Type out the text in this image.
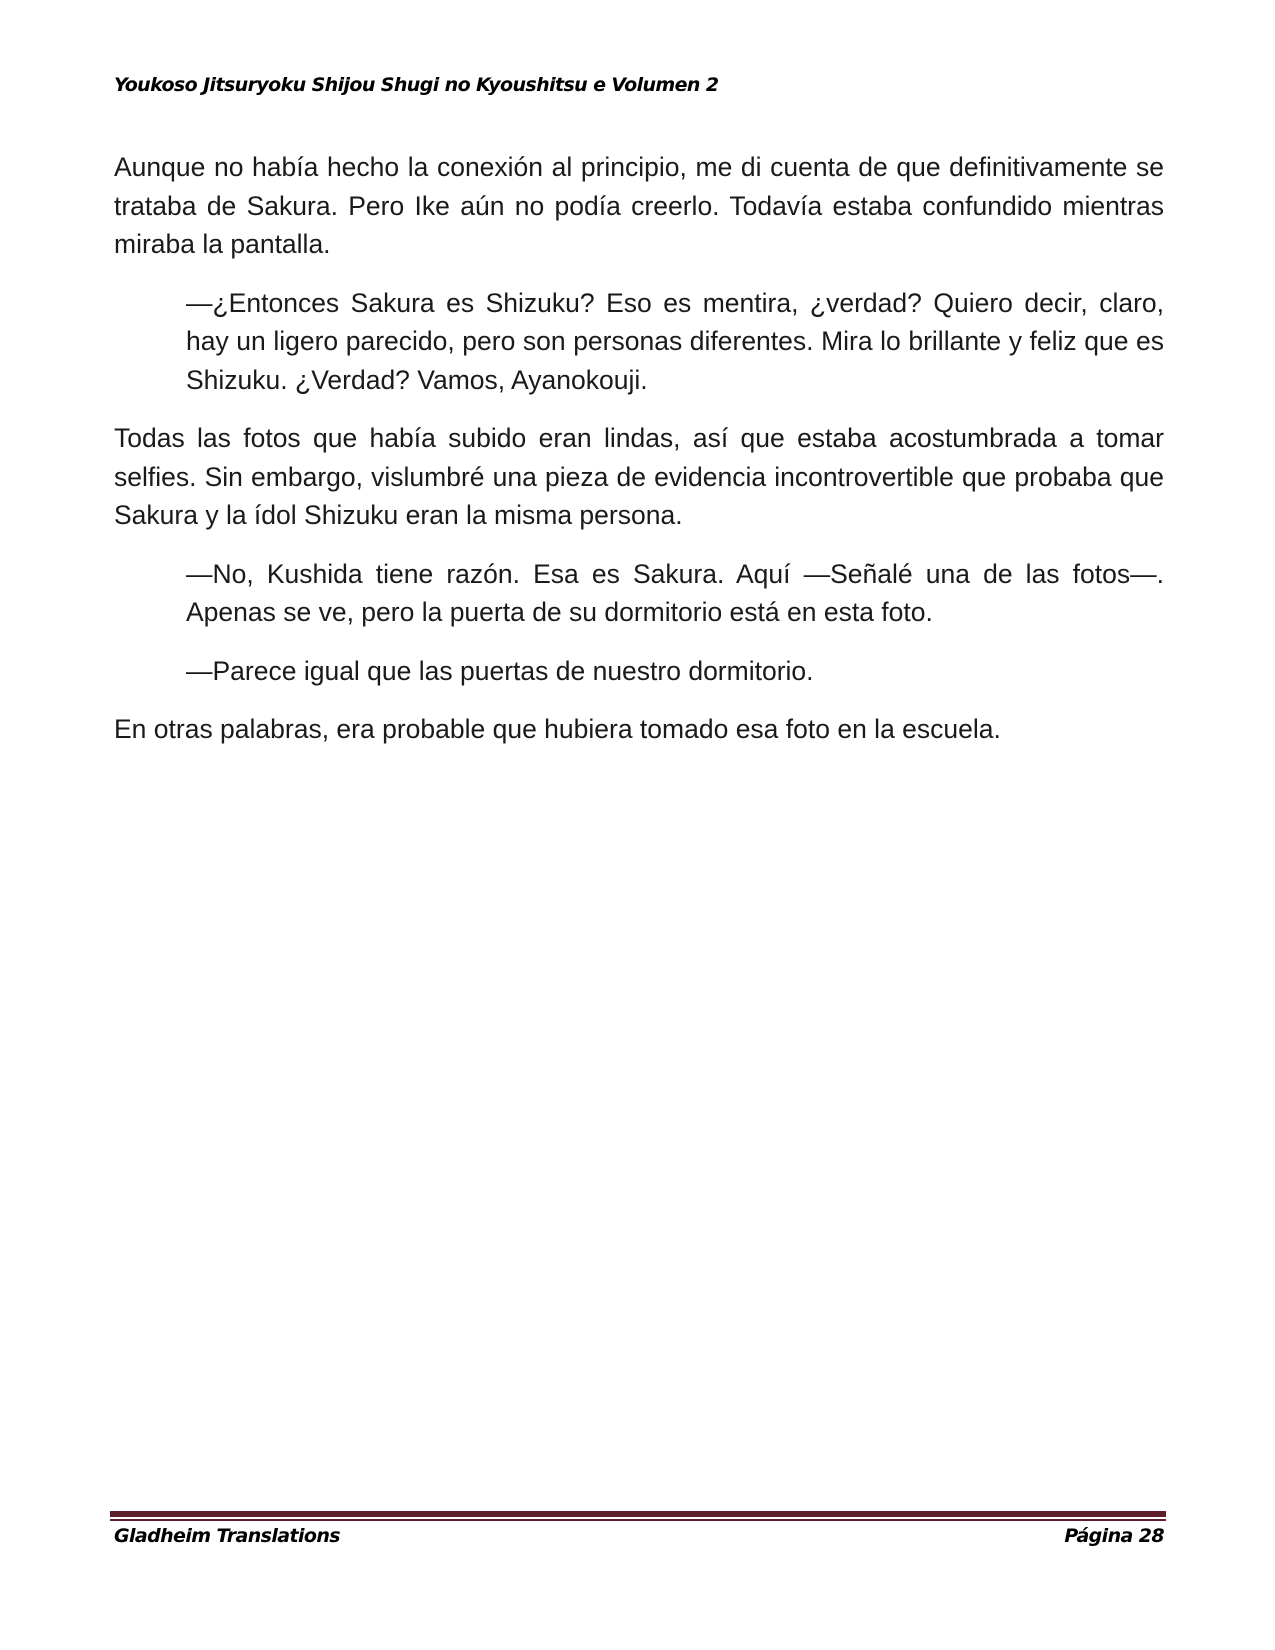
Youkoso Jitsuryoku Shijou Shugi no Kyoushitsu e Volumen 2

Aunque no había hecho la conexión al principio, me di cuenta de que definitivamente se trataba de Sakura. Pero Ike aún no podía creerlo. Todavía estaba confundido mientras miraba la pantalla.

—¿Entonces Sakura es Shizuku? Eso es mentira, ¿verdad? Quiero decir, claro, hay un ligero parecido, pero son personas diferentes. Mira lo brillante y feliz que es Shizuku. ¿Verdad? Vamos, Ayanokouji.

Todas las fotos que había subido eran lindas, así que estaba acostumbrada a tomar selfies. Sin embargo, vislumbré una pieza de evidencia incontrovertible que probaba que Sakura y la ídol Shizuku eran la misma persona.

—No, Kushida tiene razón. Esa es Sakura. Aquí —Señalé una de las fotos—. Apenas se ve, pero la puerta de su dormitorio está en esta foto.

—Parece igual que las puertas de nuestro dormitorio.

En otras palabras, era probable que hubiera tomado esa foto en la escuela.

Gladheim Translations	Página 28
